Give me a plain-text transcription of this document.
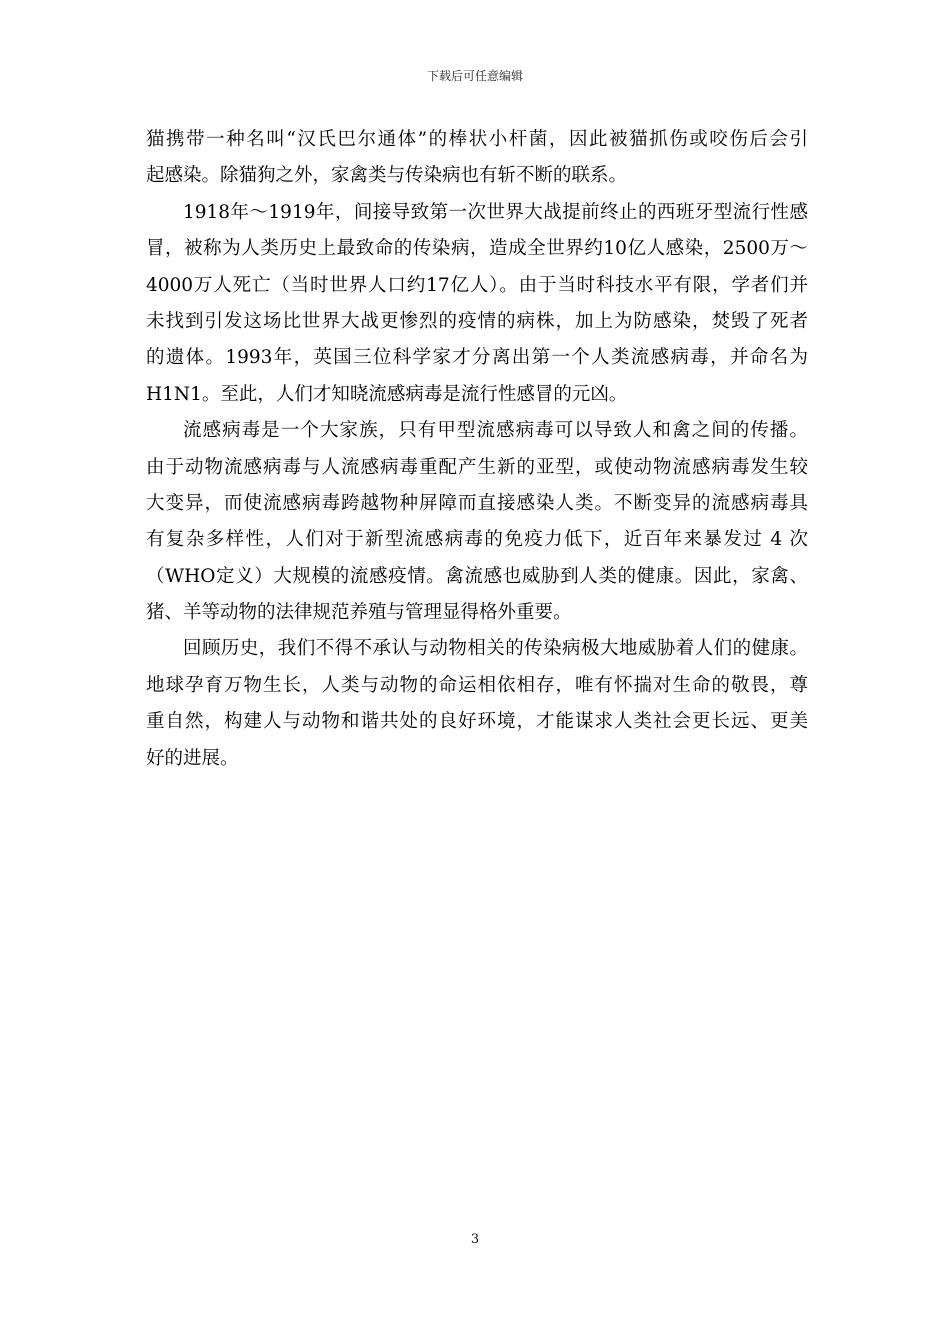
下载后可任意编辑
猫携带一种名叫“汉氏巴尔通体”的棒状小杆菌，因此被猫抓伤或咬伤后会引
起感染。除猫狗之外，家禽类与传染病也有斩不断的联系。
1918年～1919年，间接导致第一次世界大战提前终止的西班牙型流行性感
冒，被称为人类历史上最致命的传染病，造成全世界约10亿人感染，2500万～
4000万人死亡（当时世界人口约17亿人）。由于当时科技水平有限，学者们并
未找到引发这场比世界大战更惨烈的疫情的病株，加上为防感染，焚毁了死者
的遗体。1993年，英国三位科学家才分离出第一个人类流感病毒，并命名为
H1N1。至此，人们才知晓流感病毒是流行性感冒的元凶。
流感病毒是一个大家族，只有甲型流感病毒可以导致人和禽之间的传播。
由于动物流感病毒与人流感病毒重配产生新的亚型，或使动物流感病毒发生较
大变异，而使流感病毒跨越物种屏障而直接感染人类。不断变异的流感病毒具
有复杂多样性，人们对于新型流感病毒的免疫力低下，近百年来暴发过 4 次
（WHO定义）大规模的流感疫情。禽流感也威胁到人类的健康。因此，家禽、
猪、羊等动物的法律规范养殖与管理显得格外重要。
回顾历史，我们不得不承认与动物相关的传染病极大地威胁着人们的健康。
地球孕育万物生长，人类与动物的命运相依相存，唯有怀揣对生命的敬畏，尊
重自然，构建人与动物和谐共处的良好环境，才能谋求人类社会更长远、更美
好的进展。
3
